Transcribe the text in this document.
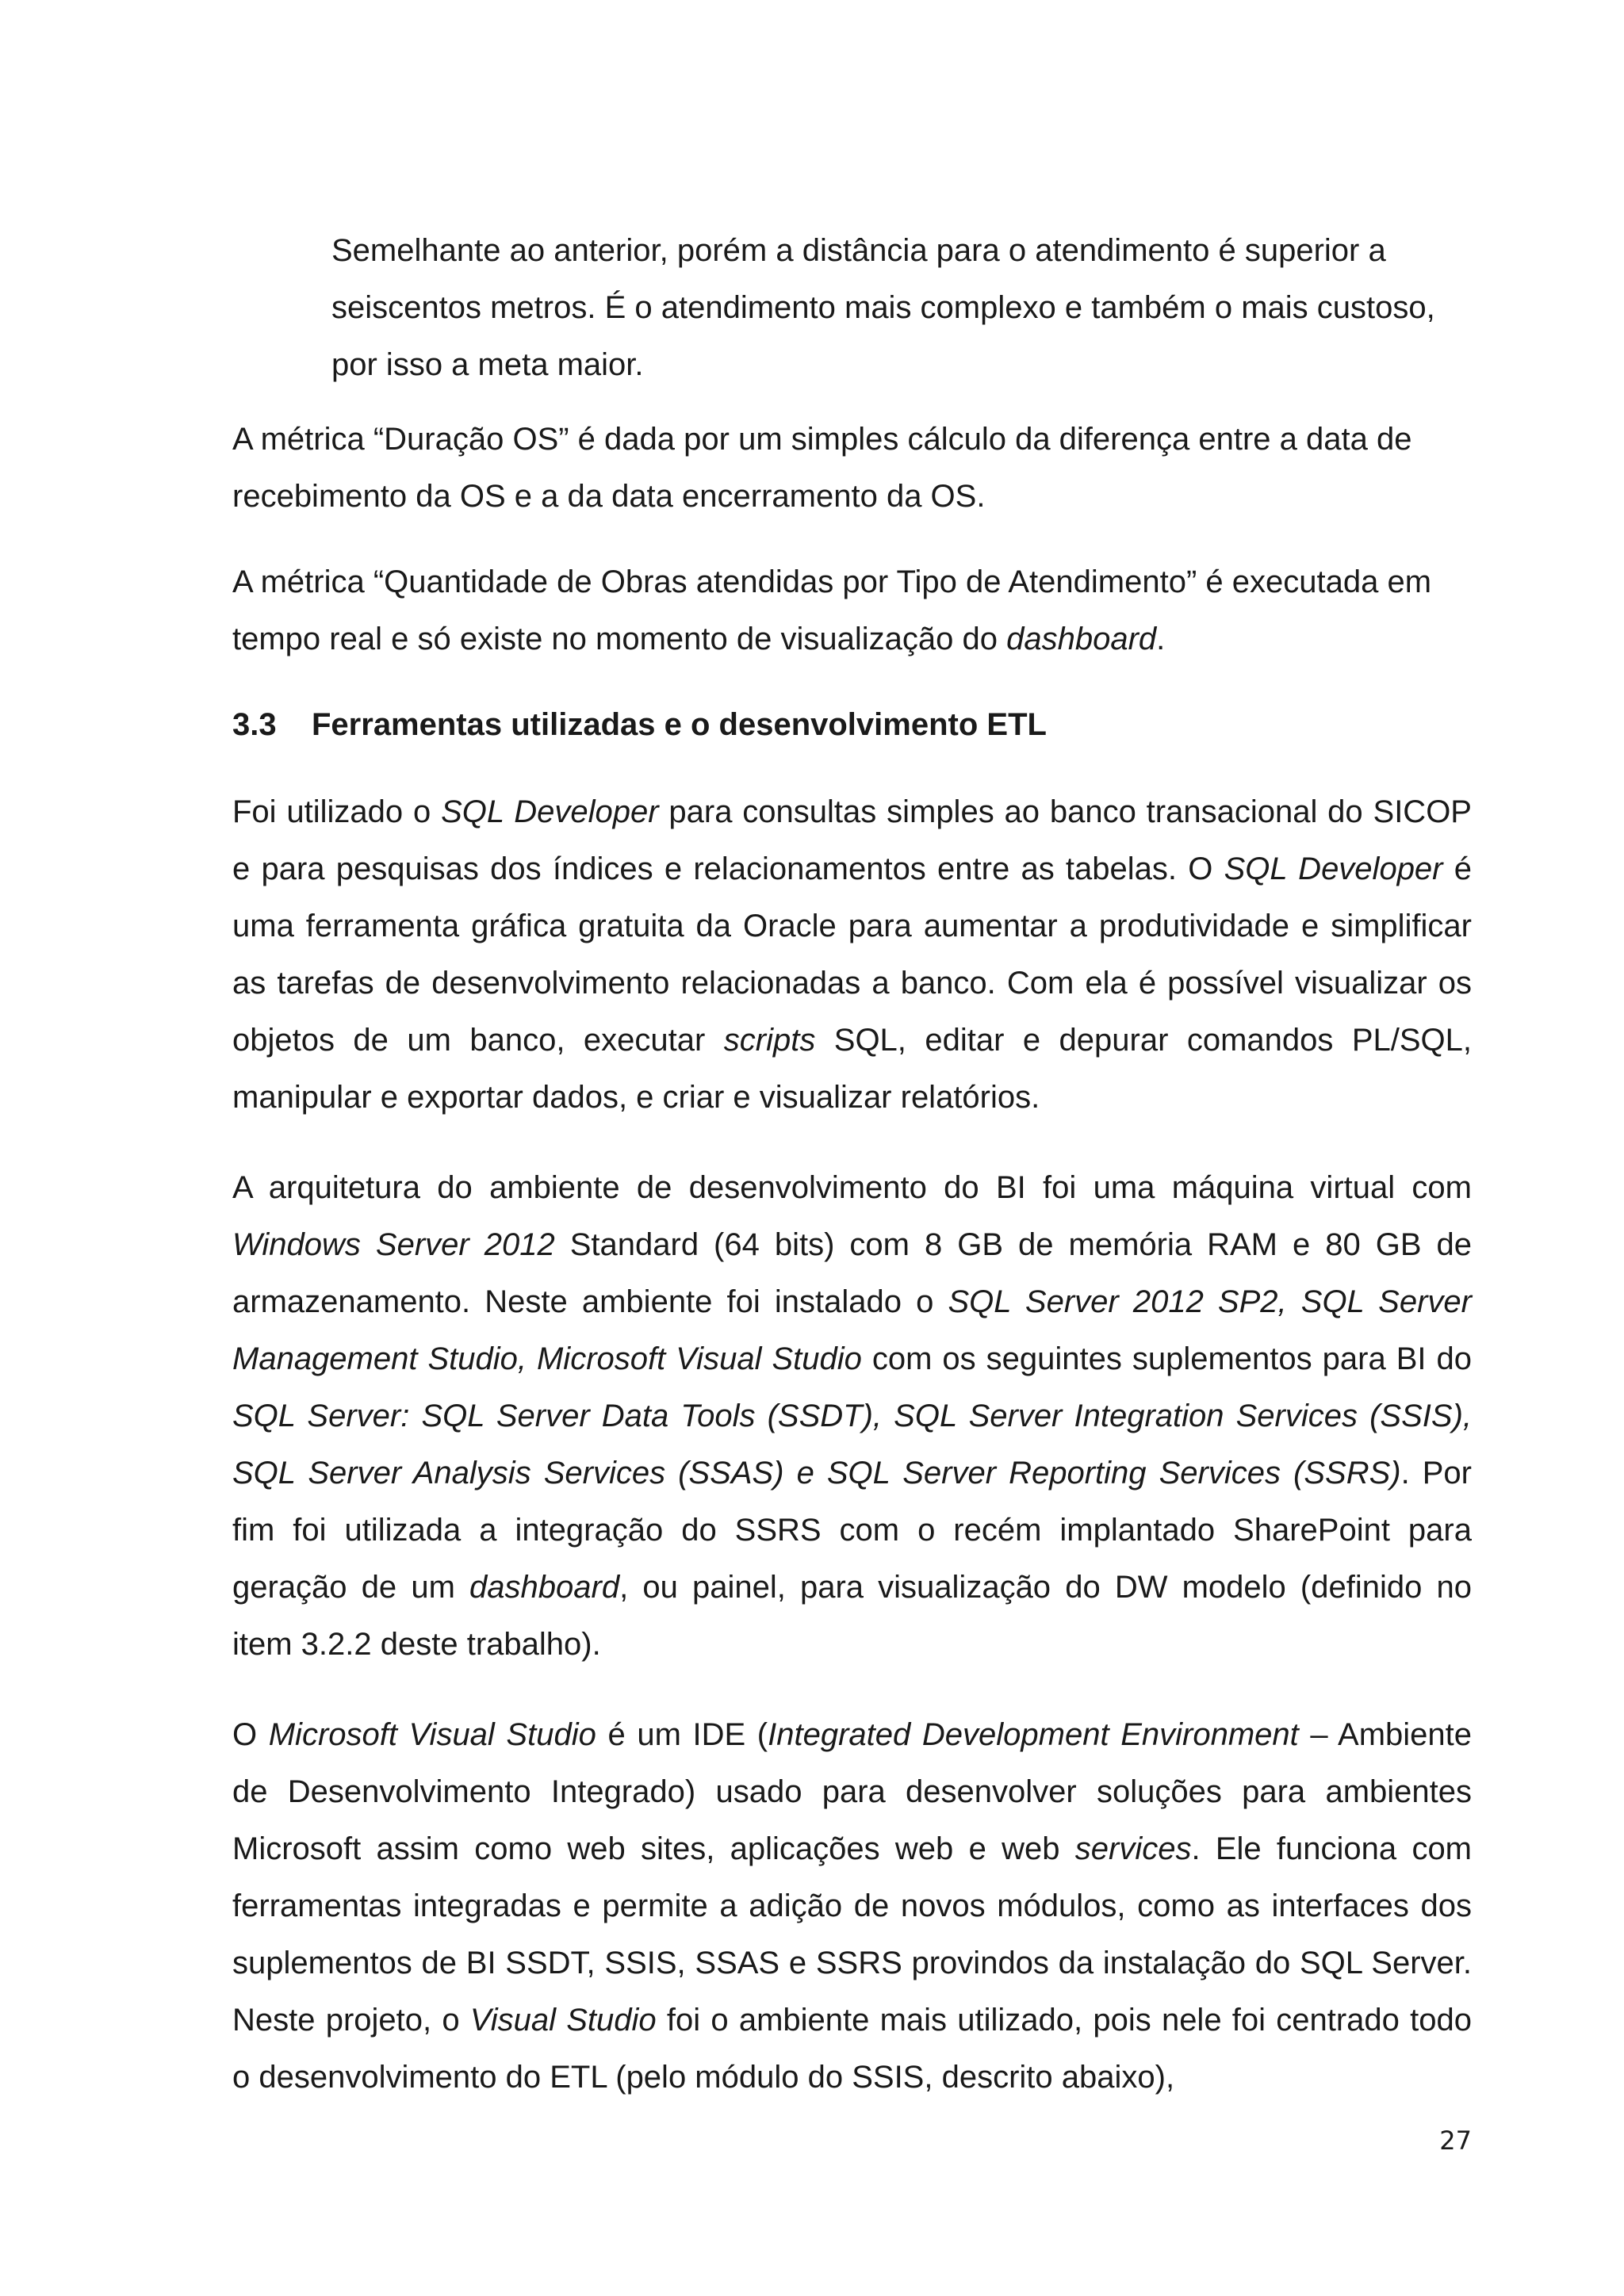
Semelhante ao anterior, porém a distância para o atendimento é superior a seiscentos metros. É o atendimento mais complexo e também o mais custoso, por isso a meta maior.

A métrica “Duração OS” é dada por um simples cálculo da diferença entre a data de recebimento da OS e a da data encerramento da OS.

A métrica “Quantidade de Obras atendidas por Tipo de Atendimento” é executada em tempo real e só existe no momento de visualização do dashboard.

3.3 Ferramentas utilizadas e o desenvolvimento ETL

Foi utilizado o SQL Developer para consultas simples ao banco transacional do SICOP e para pesquisas dos índices e relacionamentos entre as tabelas. O SQL Developer é uma ferramenta gráfica gratuita da Oracle para aumentar a produtividade e simplificar as tarefas de desenvolvimento relacionadas a banco. Com ela é possível visualizar os objetos de um banco, executar scripts SQL, editar e depurar comandos PL/SQL, manipular e exportar dados, e criar e visualizar relatórios.

A arquitetura do ambiente de desenvolvimento do BI foi uma máquina virtual com Windows Server 2012 Standard (64 bits) com 8 GB de memória RAM e 80 GB de armazenamento. Neste ambiente foi instalado o SQL Server 2012 SP2, SQL Server Management Studio, Microsoft Visual Studio com os seguintes suplementos para BI do SQL Server: SQL Server Data Tools (SSDT), SQL Server Integration Services (SSIS), SQL Server Analysis Services (SSAS) e SQL Server Reporting Services (SSRS). Por fim foi utilizada a integração do SSRS com o recém implantado SharePoint para geração de um dashboard, ou painel, para visualização do DW modelo (definido no item 3.2.2 deste trabalho).

O Microsoft Visual Studio é um IDE (Integrated Development Environment – Ambiente de Desenvolvimento Integrado) usado para desenvolver soluções para ambientes Microsoft assim como web sites, aplicações web e web services. Ele funciona com ferramentas integradas e permite a adição de novos módulos, como as interfaces dos suplementos de BI SSDT, SSIS, SSAS e SSRS provindos da instalação do SQL Server. Neste projeto, o Visual Studio foi o ambiente mais utilizado, pois nele foi centrado todo o desenvolvimento do ETL (pelo módulo do SSIS, descrito abaixo),

27
